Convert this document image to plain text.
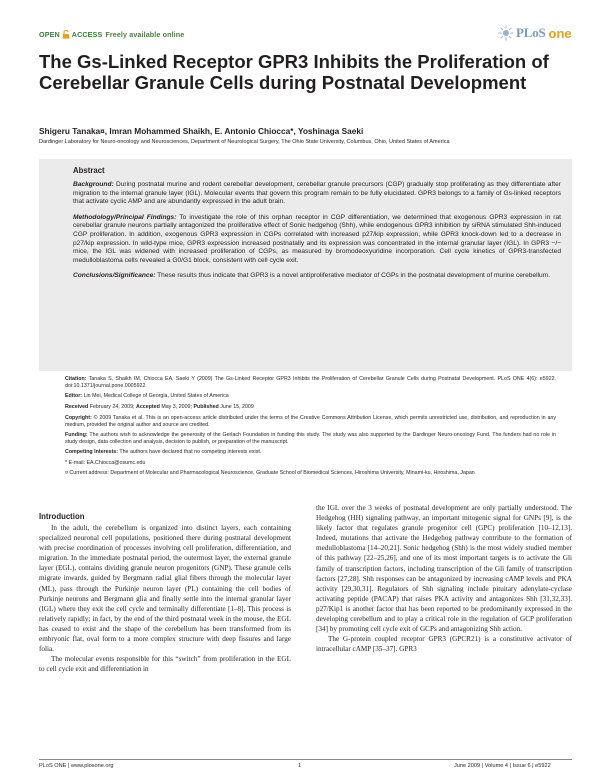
OPEN ACCESS Freely available online	PLoS one
The Gs-Linked Receptor GPR3 Inhibits the Proliferation of Cerebellar Granule Cells during Postnatal Development
Shigeru Tanaka¤, Imran Mohammed Shaikh, E. Antonio Chiocca*, Yoshinaga Saeki
Dardinger Laboratory for Neuro-oncology and Neurosciences, Department of Neurological Surgery, The Ohio State University, Columbus, Ohio, United States of America
Abstract

Background: During postnatal murine and rodent cerebellar development, cerebellar granule precursors (CGP) gradually stop proliferating as they differentiate after migration to the internal granule layer (IGL). Molecular events that govern this program remain to be fully elucidated. GPR3 belongs to a family of Gs-linked receptors that activate cyclic AMP and are abundantly expressed in the adult brain.

Methodology/Principal Findings: To investigate the role of this orphan receptor in CGP differentiation, we determined that exogenous GPR3 expression in rat cerebellar granule neurons partially antagonized the proliferative effect of Sonic hedgehog (Shh), while endogenous GPR3 inhibition by siRNA stimulated Shh-induced CGP proliferation. In addition, exogenous GPR3 expression in CGPs correlated with increased p27/kip expression, while GPR3 knock-down led to a decrease in p27/kip expression. In wild-type mice, GPR3 expression increased postnatally and its expression was concentrated in the internal granular layer (IGL). In GPR3 −/− mice, the IGL was widened with increased proliferation of CGPs, as measured by bromodeoxyuridine incorporation. Cell cycle kinetics of GPR3-transfected medulloblastoma cells revealed a G0/G1 block, consistent with cell cycle exit.

Conclusions/Significance: These results thus indicate that GPR3 is a novel antiproliferative mediator of CGPs in the postnatal development of murine cerebellum.

Citation: Tanaka S, Shaikh IM, Chiocca EA, Saeki Y (2009) The Gs-Linked Receptor GPR3 Inhibits the Proliferation of Cerebellar Granule Cells during Postnatal Development. PLoS ONE 4(6): e5922. doi:10.1371/journal.pone.0005922
Editor: Lin Mei, Medical College of Georgia, United States of America
Received February 24, 2009; Accepted May 3, 2009; Published June 15, 2009
Copyright: © 2009 Tanaka et al. This is an open-access article distributed under the terms of the Creative Commons Attribution License, which permits unrestricted use, distribution, and reproduction in any medium, provided the original author and source are credited.
Funding: The authors wish to acknowledge the generosity of the Gerlach Foundation in funding this study. The study was also supported by the Dardinger Neuro-oncology Fund. The funders had no role in study design, data collection and analysis, decision to publish, or preparation of the manuscript.
Competing Interests: The authors have declared that no competing interests exist.
* E-mail: EA.Chiocca@osumc.edu
¤ Current address: Department of Molecular and Pharmacological Neuroscience, Graduate School of Biomedical Sciences, Hiroshima University, Minami-ku, Hiroshima, Japan
Introduction

In the adult, the cerebellum is organized into distinct layers, each containing specialized neuronal cell populations, positioned there during postnatal development with precise coordination of processes involving cell proliferation, differentiation, and migration. In the immediate postnatal period, the outermost layer, the external granule layer (EGL), contains dividing granule neuron progenitors (GNP). These granule cells migrate inwards, guided by Bergmann radial glial fibers through the molecular layer (ML), pass through the Purkinje neuron layer (PL) containing the cell bodies of Purkinje neurons and Bergmann glia and finally settle into the internal granular layer (IGL) where they exit the cell cycle and terminally differentiate [1–8]. This process is relatively rapidly; in fact, by the end of the third postnatal week in the mouse, the EGL has ceased to exist and the shape of the cerebellum has been transformed from its embryonic flat, oval form to a more complex structure with deep fissures and large folia.

The molecular events responsible for this “switch” from proliferation in the EGL to cell cycle exit and differentiation in

the IGL over the 3 weeks of postnatal development are only partially understood. The Hedgehog (HH) signaling pathway, an important mitogenic signal for GNPs [9], is the likely factor that regulates granule progenitor cell (GPC) proliferation [10–12,13]. Indeed, mutations that activate the Hedgehog pathway contribute to the formation of medulloblastoma [14–20,21]. Sonic hedgehog (Shh) is the most widely studied member of this pathway [22–25,26], and one of its most important targets is to activate the Gli family of transcription factors, including transcription of the Gli family of transcription factors [27,28]. Shh responses can be antagonized by increasing cAMP levels and PKA activity [29,30,31]. Regulators of Shh signaling include pituitary adenylate-cyclase activating peptide (PACAP) that raises PKA activity and antagonizes Shh [31,32,33]. p27/Kip1 is another factor that has been reported to be predominantly expressed in the developing cerebellum and to play a critical role in the regulation of GCP proliferation [34] by promoting cell cycle exit of GCPs and antagonizing Shh action.

The G-protein coupled receptor GPR3 (GPCR21) is a constitutive activator of intracellular cAMP [35–37]. GPR3

PLoS ONE | www.plosone.org	1	June 2009 | Volume 4 | Issue 6 | e5922
